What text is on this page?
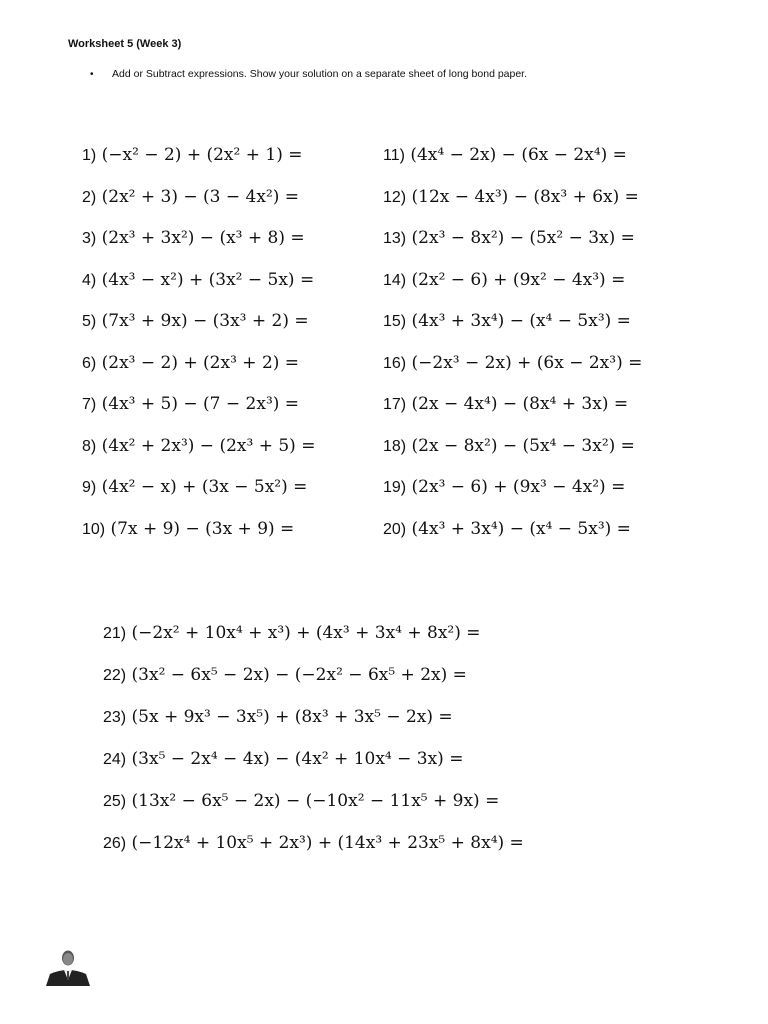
Worksheet 5 (Week 3)
•	Add or Subtract expressions. Show your solution on a separate sheet of long bond paper.
1) (−x² − 2) + (2x² + 1) =
2) (2x² + 3) − (3 − 4x²) =
3) (2x³ + 3x²) − (x³ + 8) =
4) (4x³ − x²) + (3x² − 5x) =
5) (7x³ + 9x) − (3x³ + 2) =
6) (2x³ − 2) + (2x³ + 2) =
7) (4x³ + 5) − (7 − 2x³) =
8) (4x² + 2x³) − (2x³ + 5) =
9) (4x² − x) + (3x − 5x²) =
10) (7x + 9) − (3x + 9) =
11) (4x⁴ − 2x) − (6x − 2x⁴) =
12) (12x − 4x³) − (8x³ + 6x) =
13) (2x³ − 8x²) − (5x² − 3x) =
14) (2x² − 6) + (9x² − 4x³) =
15) (4x³ + 3x⁴) − (x⁴ − 5x³) =
16) (−2x³ − 2x) + (6x − 2x³) =
17) (2x − 4x⁴) − (8x⁴ + 3x) =
18) (2x − 8x²) − (5x⁴ − 3x²) =
19) (2x³ − 6) + (9x³ − 4x²) =
20) (4x³ + 3x⁴) − (x⁴ − 5x³) =
21) (−2x² + 10x⁴ + x³) + (4x³ + 3x⁴ + 8x²) =
22) (3x² − 6x⁵ − 2x) − (−2x² − 6x⁵ + 2x) =
23) (5x + 9x³ − 3x⁵) + (8x³ + 3x⁵ − 2x) =
24) (3x⁵ − 2x⁴ − 4x) − (4x² + 10x⁴ − 3x) =
25) (13x² − 6x⁵ − 2x) − (−10x² − 11x⁵ + 9x) =
26) (−12x⁴ + 10x⁵ + 2x³) + (14x³ + 23x⁵ + 8x⁴) =
